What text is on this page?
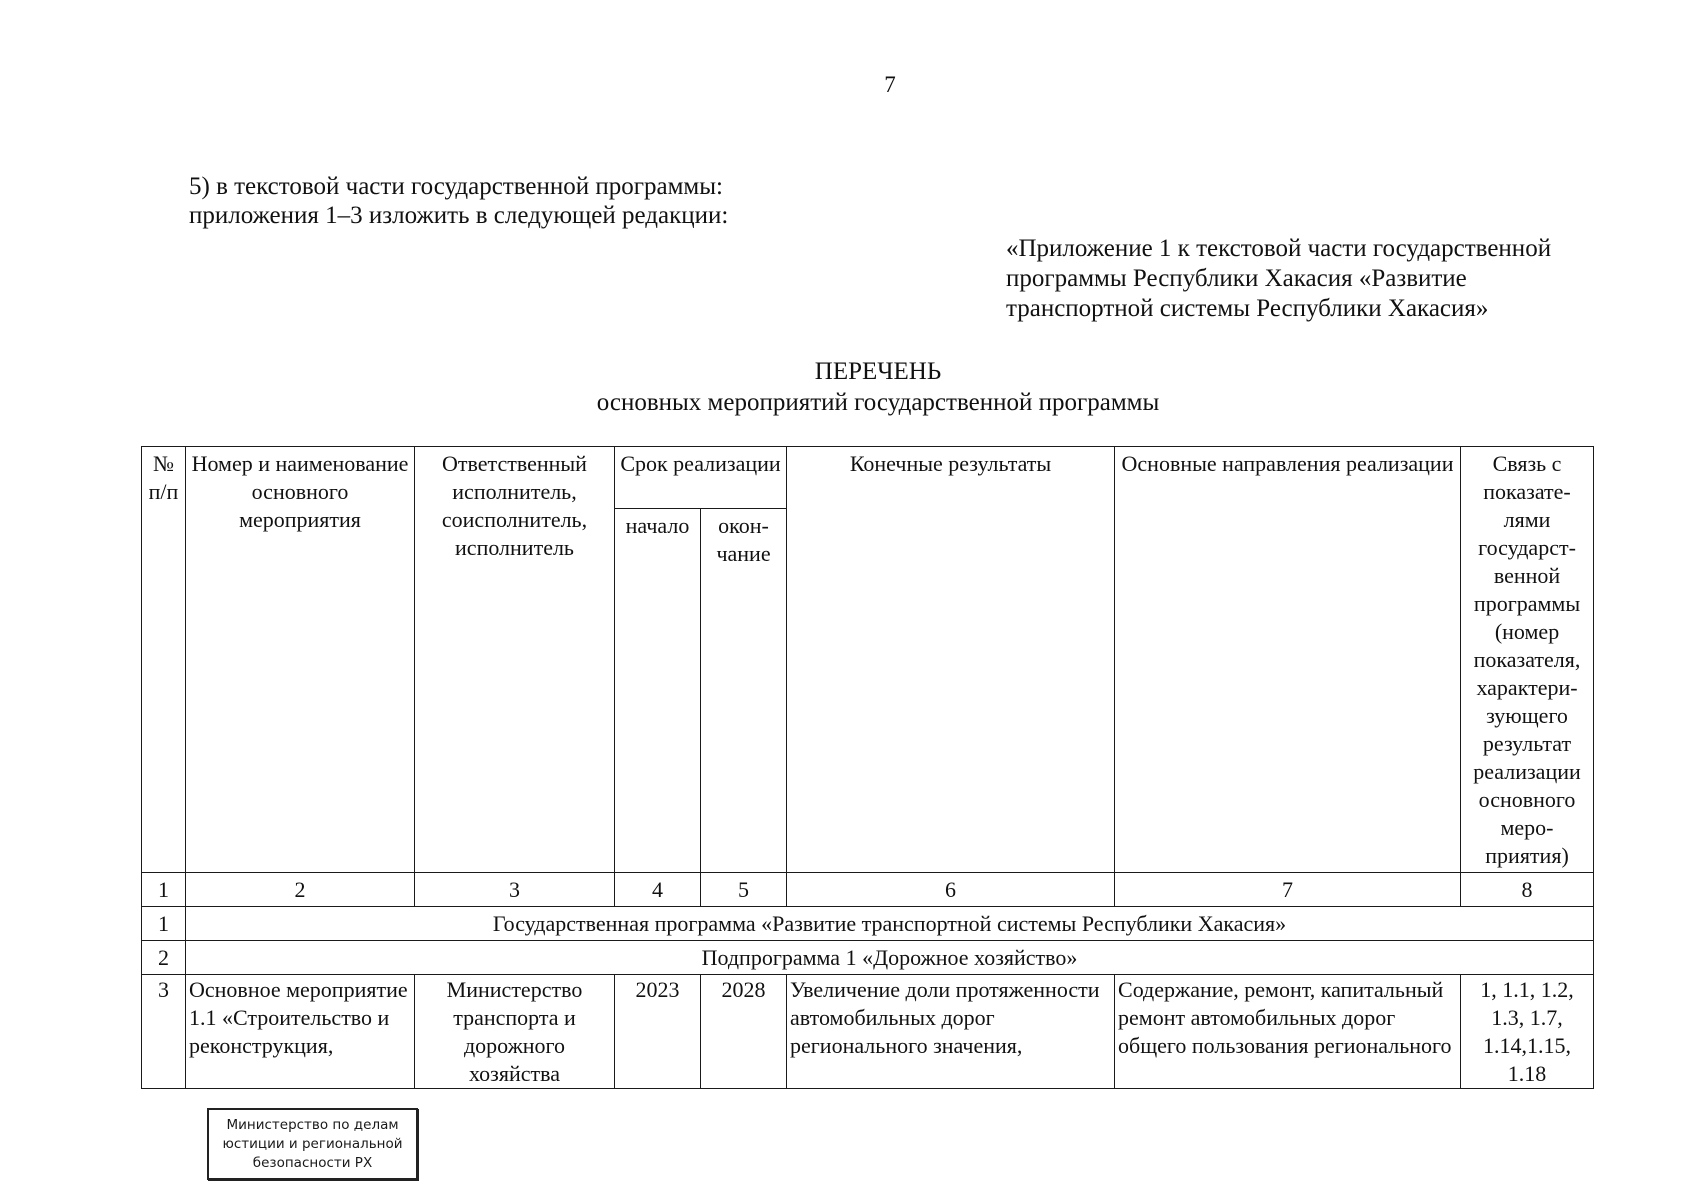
7
5) в текстовой части государственной программы:
приложения 1–3 изложить в следующей редакции:
«Приложение 1 к текстовой части государственной
программы Республики Хакасия «Развитие
транспортной системы Республики Хакасия»
ПЕРЕЧЕНЬ
основных мероприятий государственной программы
№ п/п	Номер и наименование основного мероприятия	Ответственный исполнитель, соисполнитель, исполнитель	Срок реализации		Конечные результаты	Основные направления реализации	Связь с показате-лями государст-венной программы (номер показателя, характери-зующего результат реализации основного меро-приятия)
			начало	окон-чание			
1	2	3	4	5	6	7	8
1	Государственная программа «Развитие транспортной системы Республики Хакасия»						
2	Подпрограмма 1 «Дорожное хозяйство»						
3	Основное мероприятие 1.1 «Строительство и реконструкция,	Министерство транспорта и дорожного хозяйства	2023	2028	Увеличение доли протяженности автомобильных дорог регионального значения,	Содержание, ремонт, капитальный ремонт автомобильных дорог общего пользования регионального	1, 1.1, 1.2, 1.3, 1.7, 1.14,1.15, 1.18
Министерство по делам
юстиции и региональной
безопасности РХ
